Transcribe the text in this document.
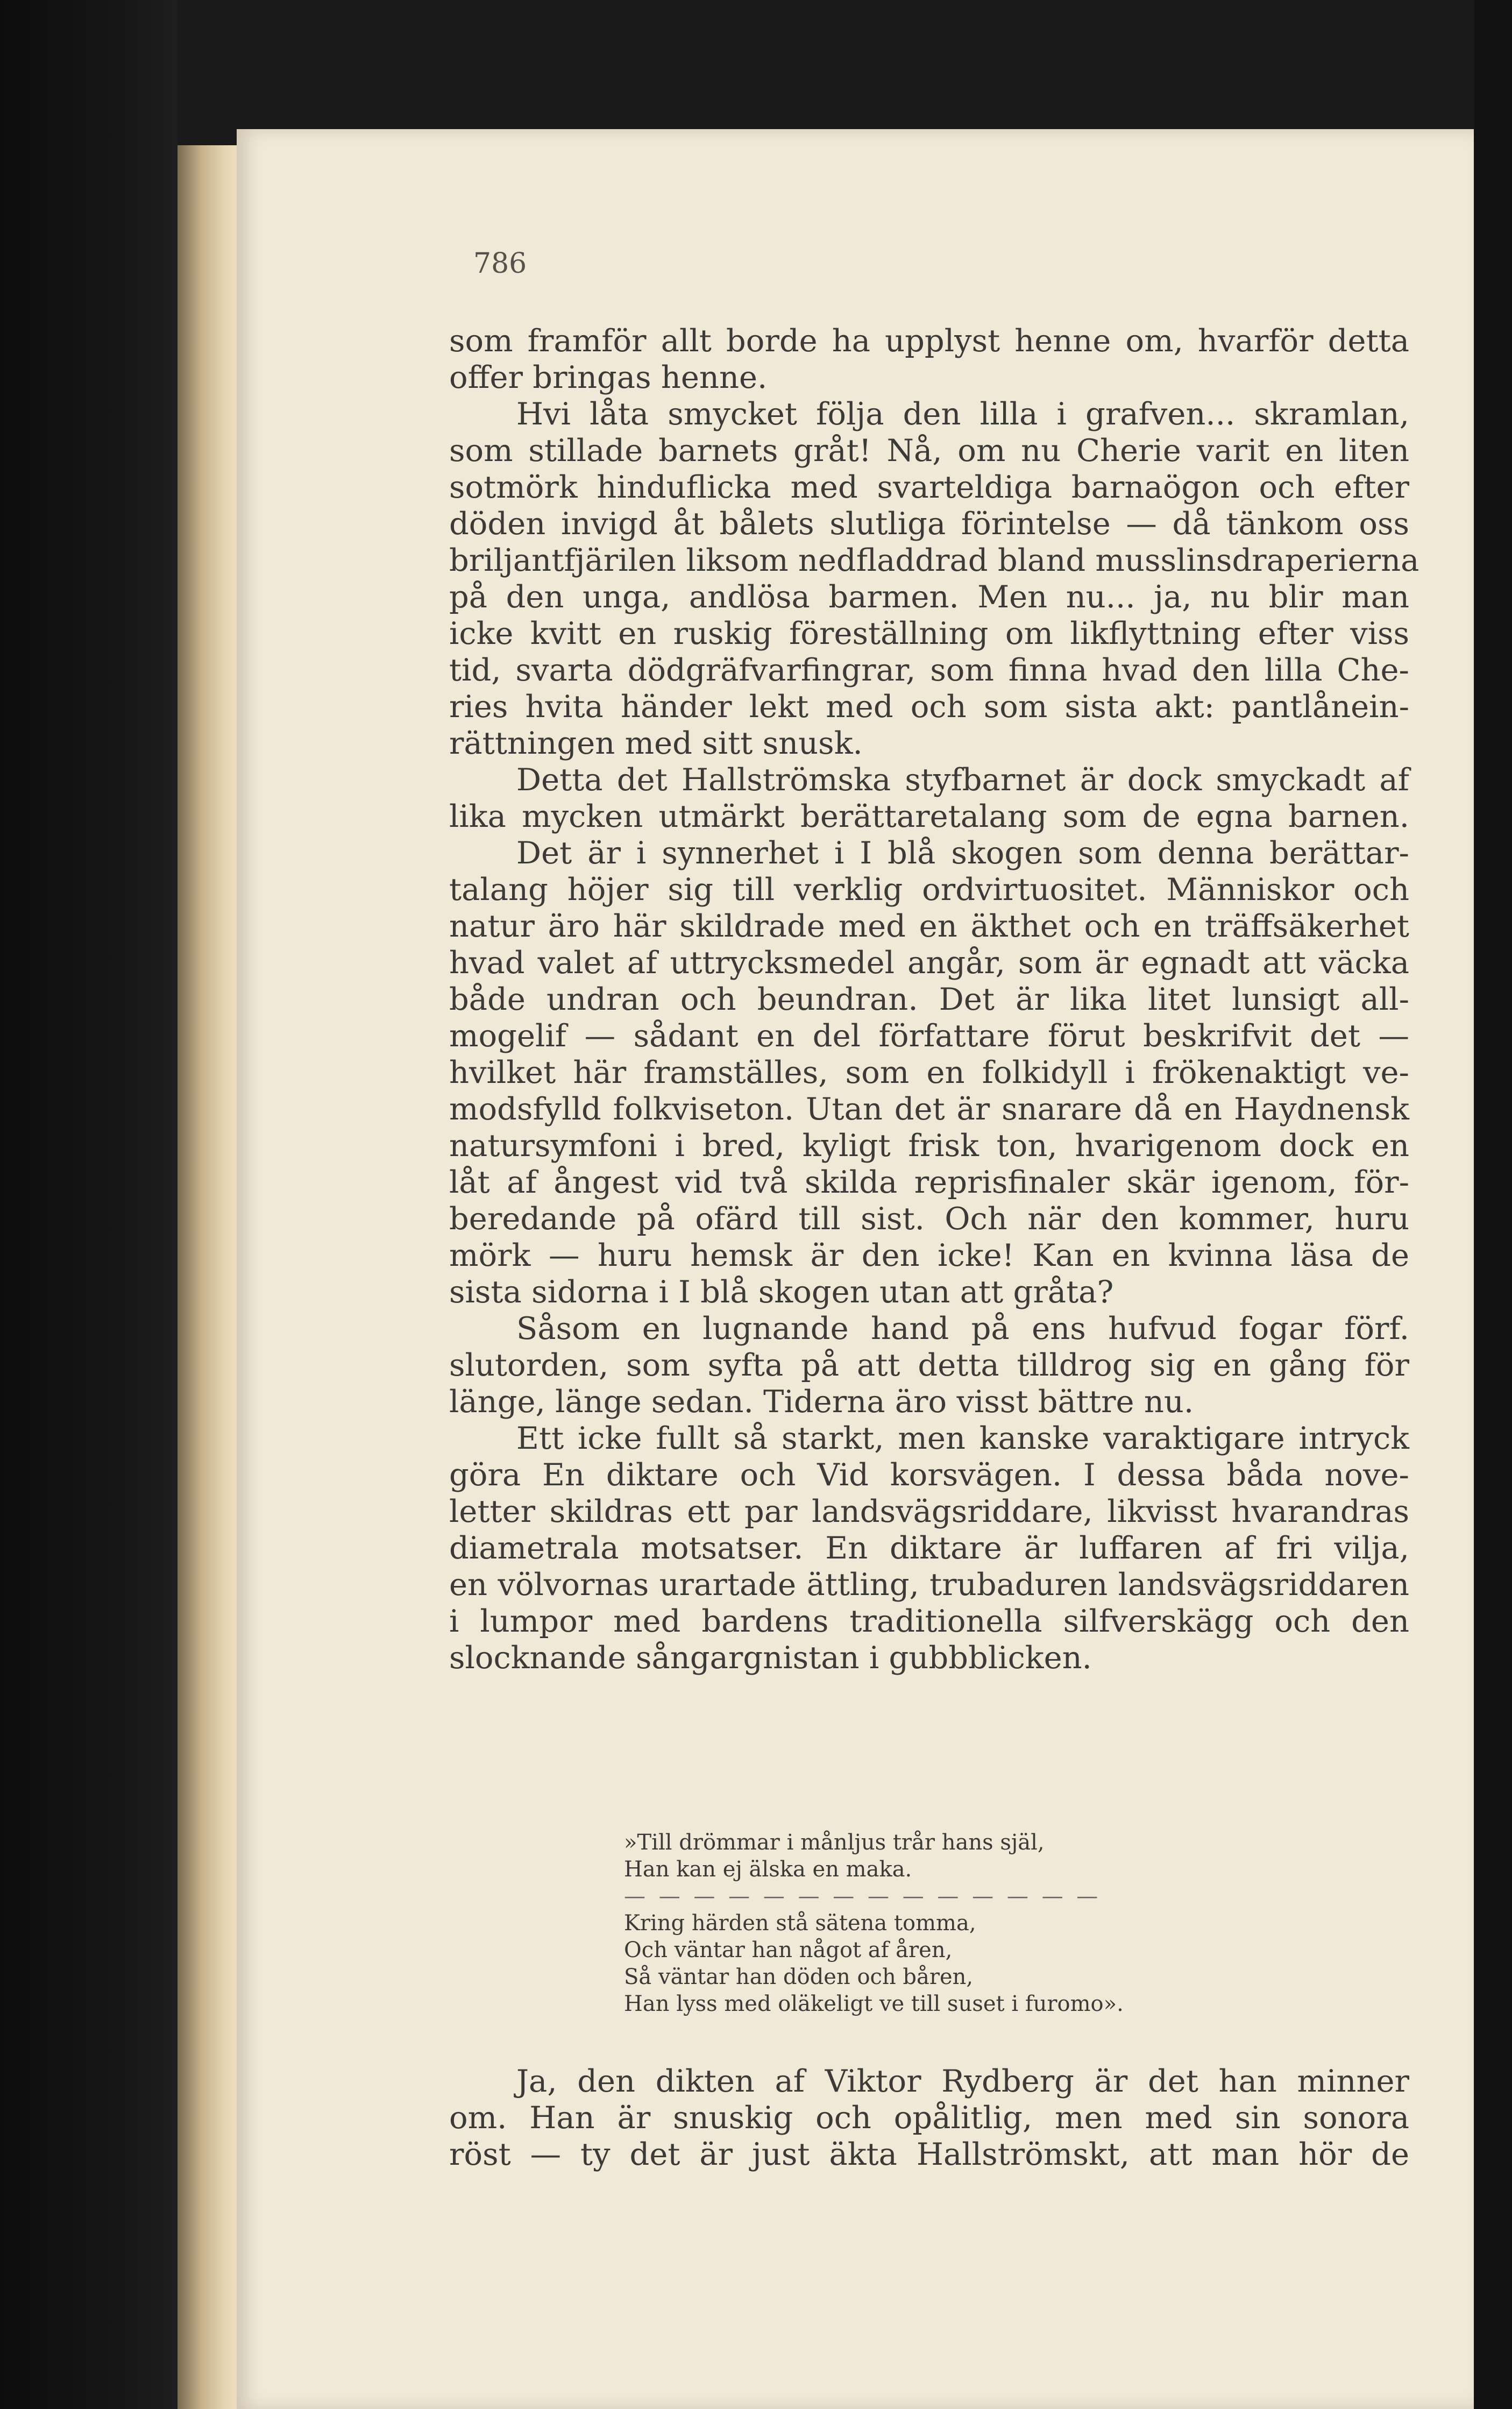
786
som framför allt borde ha upplyst henne om, hvarför detta
offer bringas henne.
Hvi låta smycket följa den lilla i grafven... skramlan,
som stillade barnets gråt! Nå, om nu Cherie varit en liten
sotmörk hinduflicka med svarteldiga barnaögon och efter
döden invigd åt bålets slutliga förintelse — då tänkom oss
briljantfjärilen liksom nedfladdrad bland musslinsdraperierna
på den unga, andlösa barmen. Men nu... ja, nu blir man
icke kvitt en ruskig föreställning om likflyttning efter viss
tid, svarta dödgräfvarfingrar, som finna hvad den lilla Che-
ries hvita händer lekt med och som sista akt: pantlånein-
rättningen med sitt snusk.
Detta det Hallströmska styfbarnet är dock smyckadt af
lika mycken utmärkt berättaretalang som de egna barnen.
Det är i synnerhet i I blå skogen som denna berättar-
talang höjer sig till verklig ordvirtuositet. Människor och
natur äro här skildrade med en äkthet och en träffsäkerhet
hvad valet af uttrycksmedel angår, som är egnadt att väcka
både undran och beundran. Det är lika litet lunsigt all-
mogelif — sådant en del författare förut beskrifvit det —
hvilket här framställes, som en folkidyll i frökenaktigt ve-
modsfylld folkviseton. Utan det är snarare då en Haydnensk
natursymfoni i bred, kyligt frisk ton, hvarigenom dock en
låt af ångest vid två skilda reprisfinaler skär igenom, för-
beredande på ofärd till sist. Och när den kommer, huru
mörk — huru hemsk är den icke! Kan en kvinna läsa de
sista sidorna i I blå skogen utan att gråta?
Såsom en lugnande hand på ens hufvud fogar förf.
slutorden, som syfta på att detta tilldrog sig en gång för
länge, länge sedan. Tiderna äro visst bättre nu.
Ett icke fullt så starkt, men kanske varaktigare intryck
göra En diktare och Vid korsvägen. I dessa båda nove-
letter skildras ett par landsvägsriddare, likvisst hvarandras
diametrala motsatser. En diktare är luffaren af fri vilja,
en völvornas urartade ättling, trubaduren landsvägsriddaren
i lumpor med bardens traditionella silfverskägg och den
slocknande sångargnistan i gubbblicken.
»Till drömmar i månljus trår hans själ,
Han kan ej älska en maka.
— — — — — — — — — — — — — —
Kring härden stå sätena tomma,
Och väntar han något af åren,
Så väntar han döden och båren,
Han lyss med oläkeligt ve till suset i furomo».
Ja, den dikten af Viktor Rydberg är det han minner
om. Han är snuskig och opålitlig, men med sin sonora
röst — ty det är just äkta Hallströmskt, att man hör de
